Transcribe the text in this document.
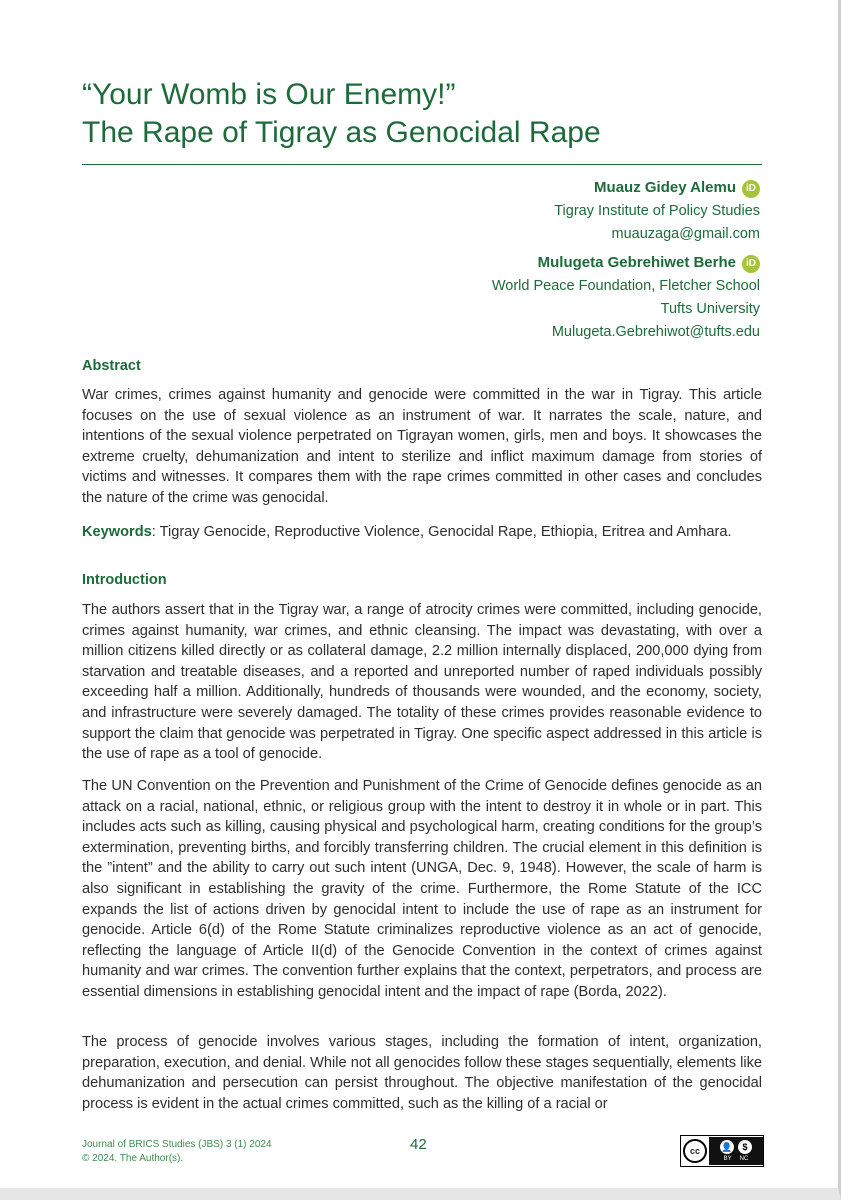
“Your Womb is Our Enemy!”
The Rape of Tigray as Genocidal Rape
Muauz Gidey Alemu iD
Tigray Institute of Policy Studies
muauzaga@gmail.com
Mulugeta Gebrehiwet Berhe iD
World Peace Foundation, Fletcher School
Tufts University
Mulugeta.Gebrehiwot@tufts.edu
Abstract
War crimes, crimes against humanity and genocide were committed in the war in Tigray. This article focuses on the use of sexual violence as an instrument of war. It narrates the scale, nature, and intentions of the sexual violence perpetrated on Tigrayan women, girls, men and boys. It showcases the extreme cruelty, dehumanization and intent to sterilize and inflict maximum damage from stories of victims and witnesses. It compares them with the rape crimes committed in other cases and concludes the nature of the crime was genocidal.
Keywords: Tigray Genocide, Reproductive Violence, Genocidal Rape, Ethiopia, Eritrea and Amhara.
Introduction
The authors assert that in the Tigray war, a range of atrocity crimes were committed, including genocide, crimes against humanity, war crimes, and ethnic cleansing. The impact was devastating, with over a million citizens killed directly or as collateral damage, 2.2 million internally displaced, 200,000 dying from starvation and treatable diseases, and a reported and unreported number of raped individuals possibly exceeding half a million. Additionally, hundreds of thousands were wounded, and the economy, society, and infrastructure were severely damaged. The totality of these crimes provides reasonable evidence to support the claim that genocide was perpetrated in Tigray. One specific aspect addressed in this article is the use of rape as a tool of genocide.
The UN Convention on the Prevention and Punishment of the Crime of Genocide defines genocide as an attack on a racial, national, ethnic, or religious group with the intent to destroy it in whole or in part. This includes acts such as killing, causing physical and psychological harm, creating conditions for the group’s extermination, preventing births, and forcibly transferring children. The crucial element in this definition is the ”intent” and the ability to carry out such intent (UNGA, Dec. 9, 1948). However, the scale of harm is also significant in establishing the gravity of the crime. Furthermore, the Rome Statute of the ICC expands the list of actions driven by genocidal intent to include the use of rape as an instrument for genocide. Article 6(d) of the Rome Statute criminalizes reproductive violence as an act of genocide, reflecting the language of Article II(d) of the Genocide Convention in the context of crimes against humanity and war crimes. The convention further explains that the context, perpetrators, and process are essential dimensions in establishing genocidal intent and the impact of rape (Borda, 2022).
The process of genocide involves various stages, including the formation of intent, organization, preparation, execution, and denial. While not all genocides follow these stages sequentially, elements like dehumanization and persecution can persist throughout. The objective manifestation of the genocidal process is evident in the actual crimes committed, such as the killing of a racial or
Journal of BRICS Studies (JBS) 3 (1) 2024
© 2024. The Author(s).
42	cc	👤	$
BY NC
